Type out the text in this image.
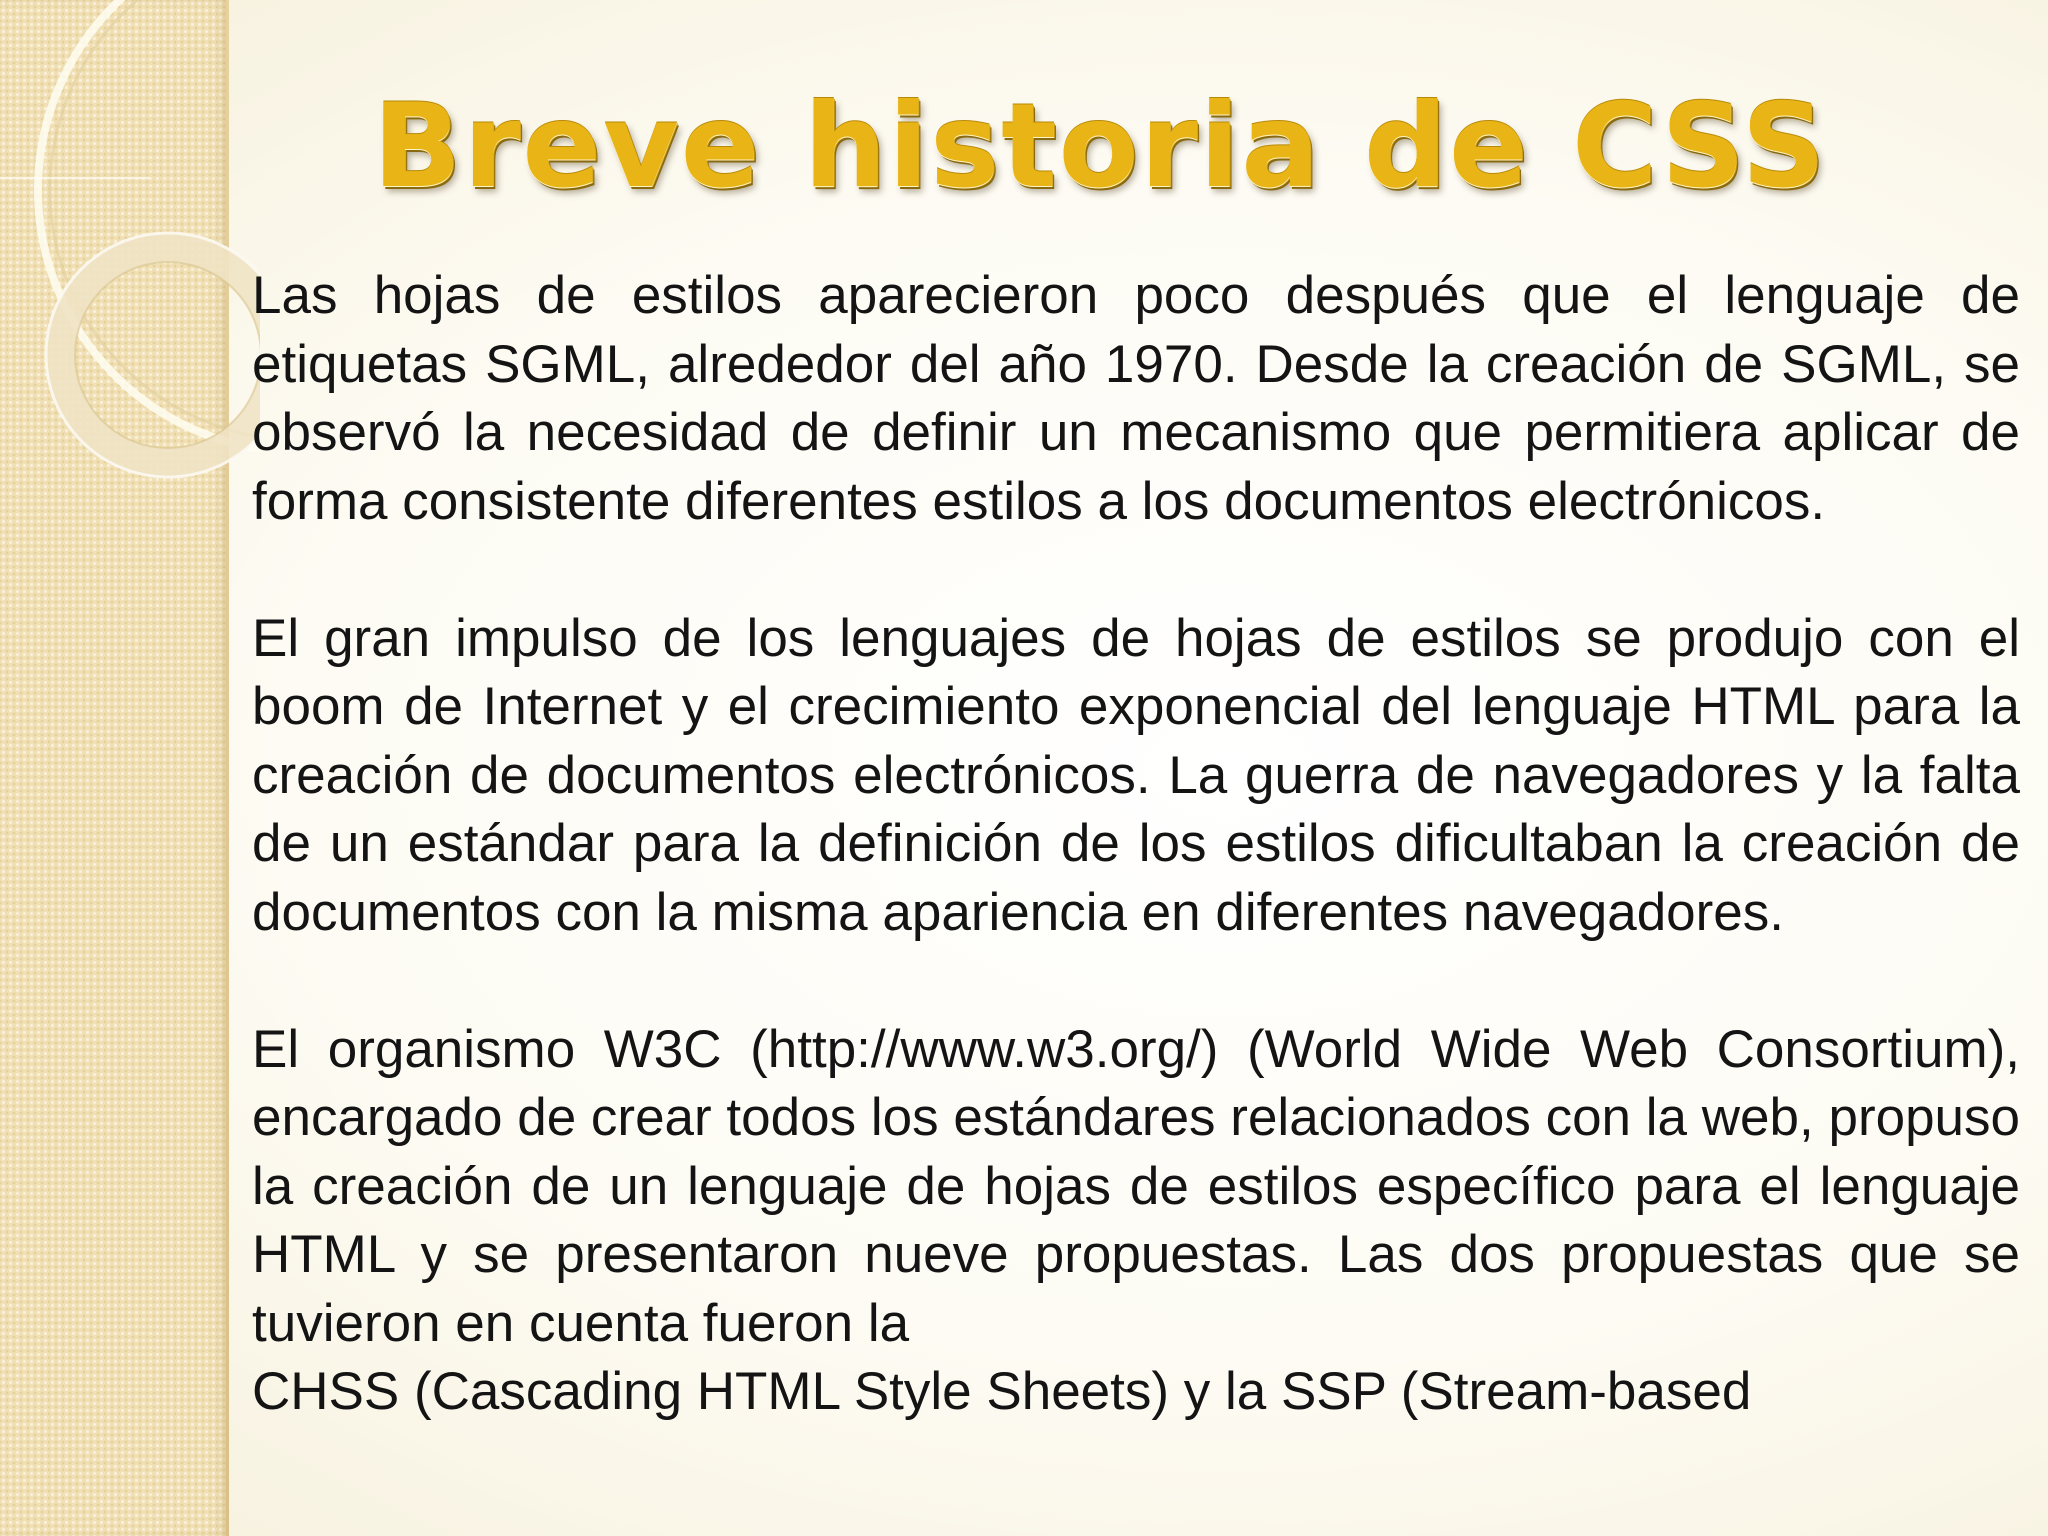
Breve historia de CSS

Las hojas de estilos aparecieron poco después que el lenguaje de etiquetas SGML, alrededor del año 1970. Desde la creación de SGML, se observó la necesidad de definir un mecanismo que permitiera aplicar de forma consistente diferentes estilos a los documentos electrónicos.

El gran impulso de los lenguajes de hojas de estilos se produjo con el boom de Internet y el crecimiento exponencial del lenguaje HTML para la creación de documentos electrónicos. La guerra de navegadores y la falta de un estándar para la definición de los estilos dificultaban la creación de documentos con la misma apariencia en diferentes navegadores.

El organismo W3C (http://www.w3.org/) (World Wide Web Consortium), encargado de crear todos los estándares relacionados con la web, propuso la creación de un lenguaje de hojas de estilos específico para el lenguaje HTML y se presentaron nueve propuestas. Las dos propuestas que se tuvieron en cuenta fueron la
CHSS (Cascading HTML Style Sheets) y la SSP (Stream-based
